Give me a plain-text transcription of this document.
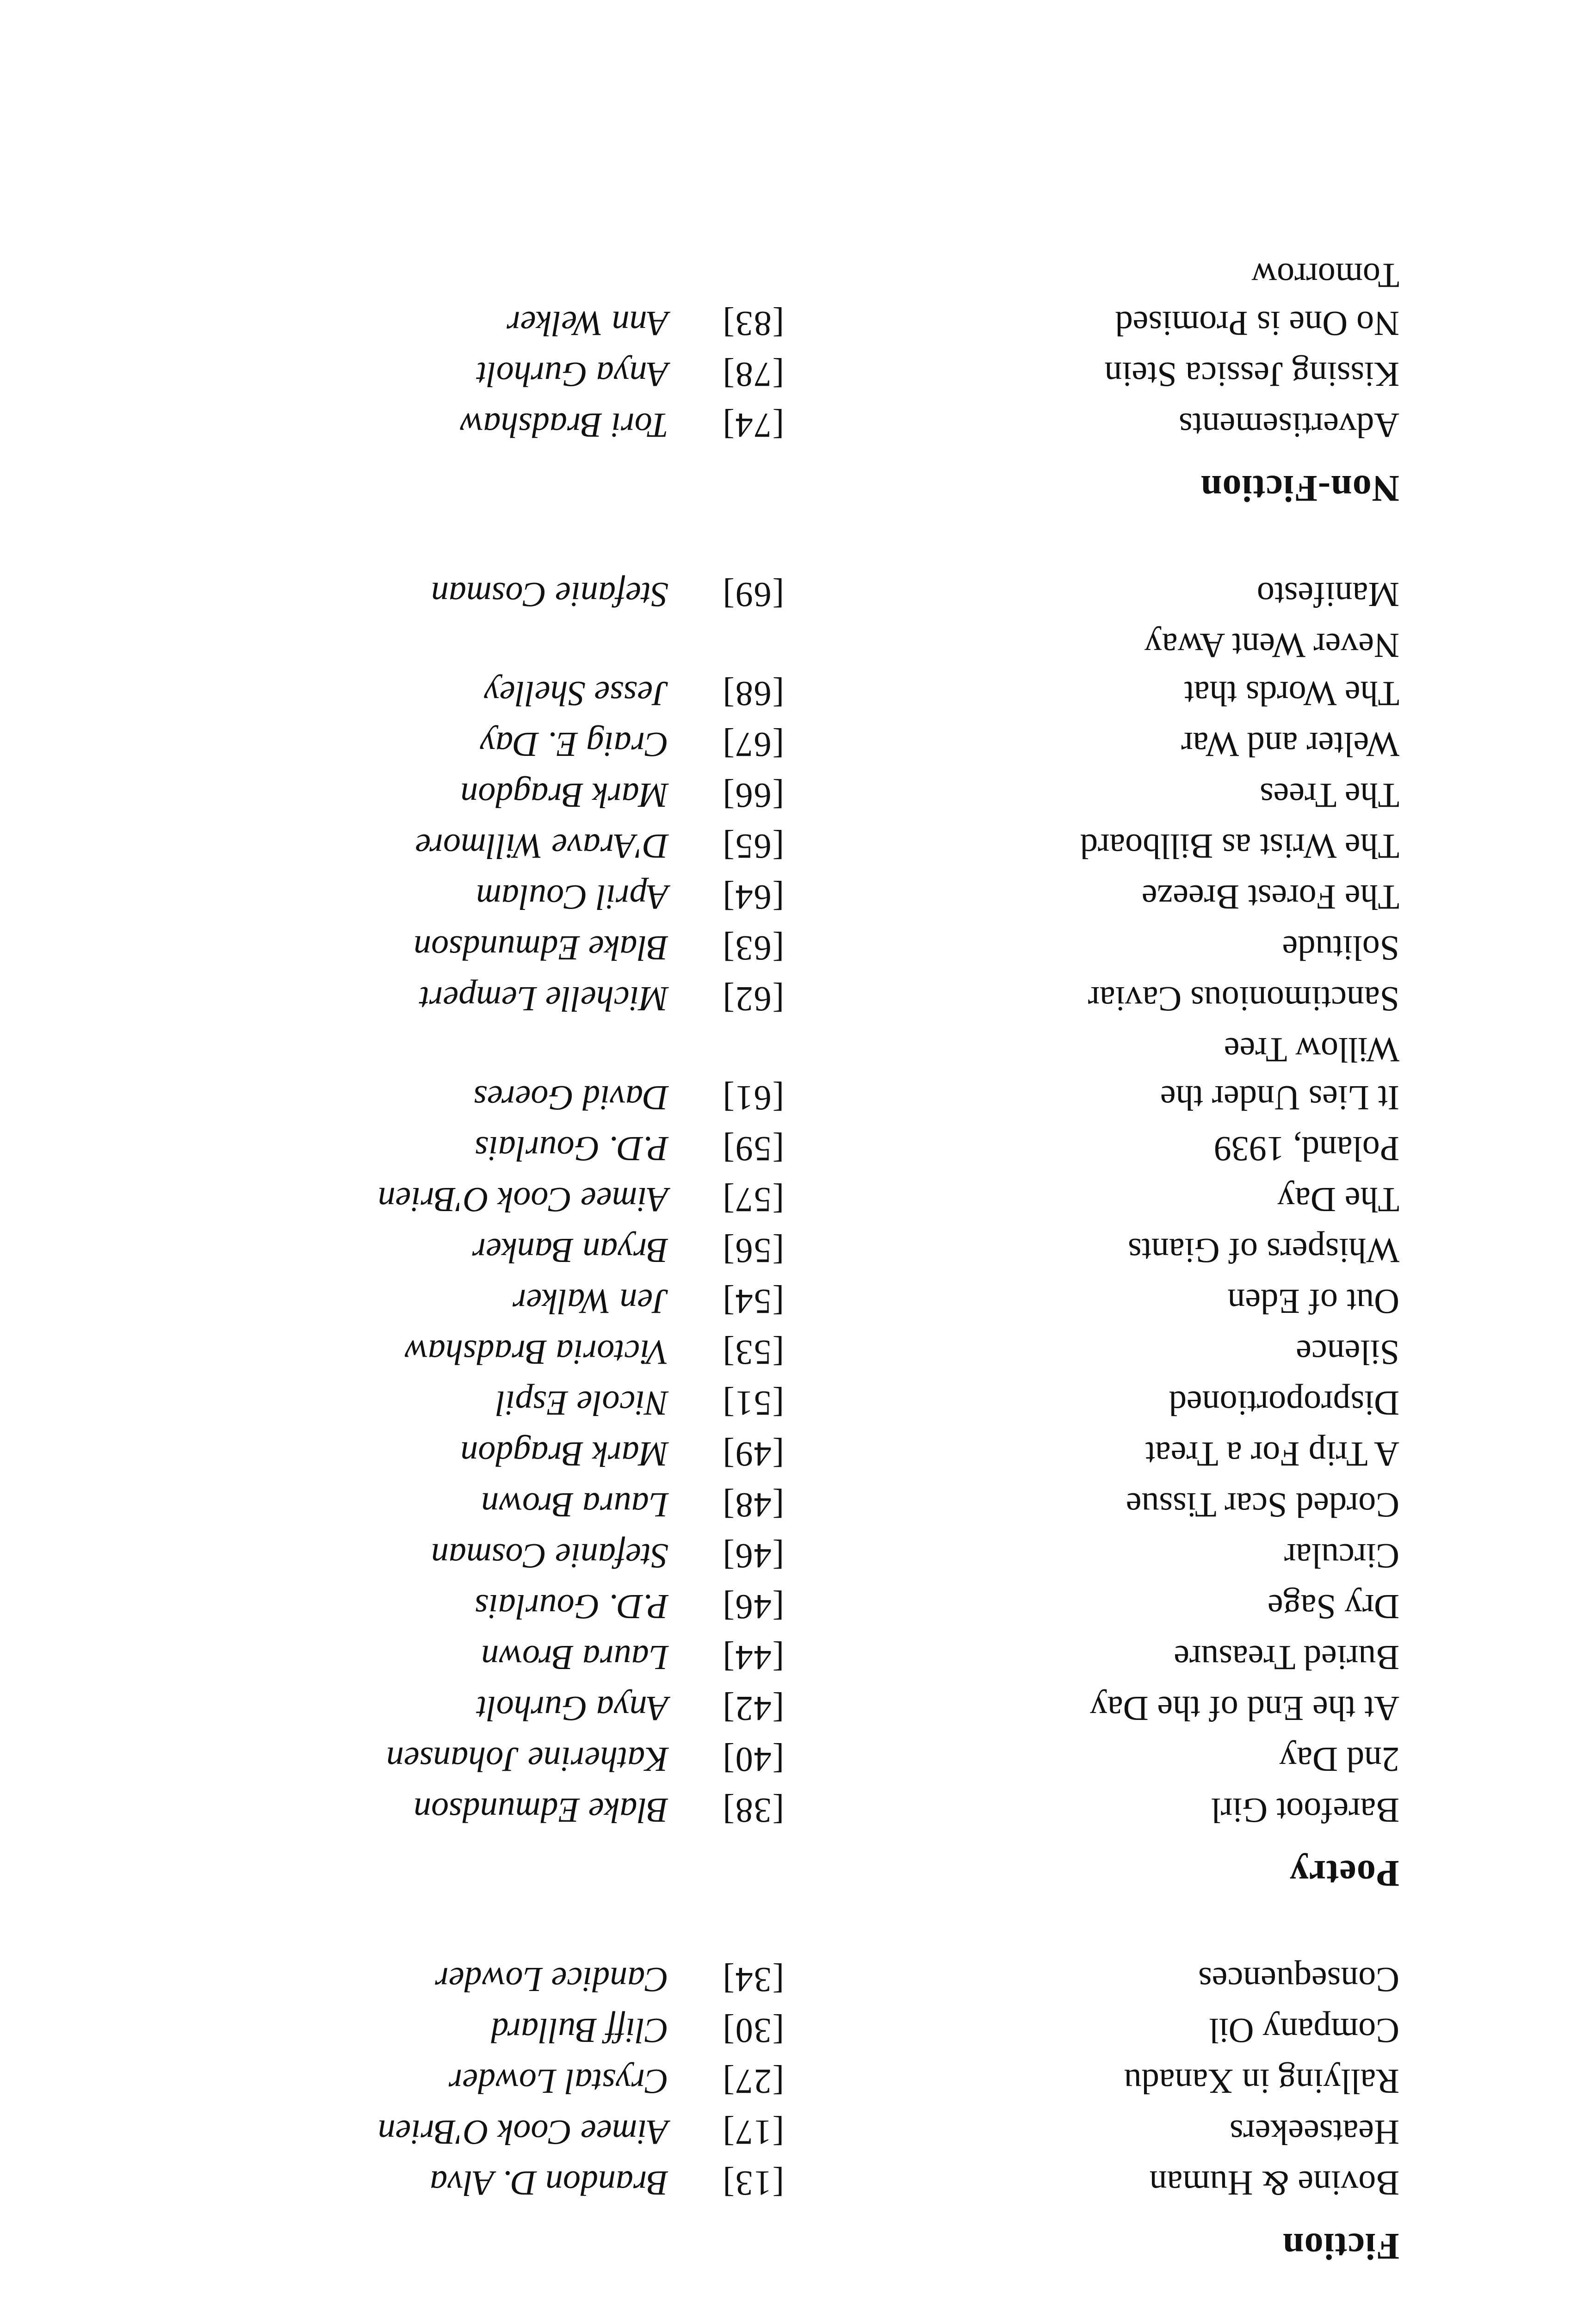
Fiction
Bovine & Human
[13]
Brandon D. Alva
Heatseekers
[17]
Aimee Cook O'Brien
Rallying in Xanadu
[27]
Crystal Lowder
Company Oil
[30]
Cliff Bullard
Consequences
[34]
Candice Lowder
Poetry
Barefoot Girl
[38]
Blake Edmundson
2nd Day
[40]
Katherine Johansen
At the End of the Day
[42]
Anya Gurholt
Buried Treasure
[44]
Laura Brown
Dry Sage
[46]
P.D. Gourlais
Circular
[46]
Stefanie Cosman
Corded Scar Tissue
[48]
Laura Brown
A Trip For a Treat
[49]
Mark Bragdon
Disproportioned
[51]
Nicole Espil
Silence
[53]
Victoria Bradshaw
Out of Eden
[54]
Jen Walker
Whispers of Giants
[56]
Bryan Banker
The Day
[57]
Aimee Cook O'Brien
Poland, 1939
[59]
P.D. Gourlais
It Lies Under the
Willow Tree
[61]
David Goeres
Sanctimonious Caviar
[62]
Michelle Lempert
Solitude
[63]
Blake Edmundson
The Forest Breeze
[64]
April Coulam
The Wrist as Billboard
[65]
D'Arave Willmore
The Trees
[66]
Mark Bragdon
Welter and War
[67]
Craig E. Day
The Words that
Never Went Away
[68]
Jesse Shelley
Manifesto
[69]
Stefanie Cosman
Non-Fiction
Advertisements
[74]
Tori Bradshaw
Kissing Jessica Stein
[78]
Anya Gurholt
No One is Promised
Tomorrow
[83]
Ann Welker
